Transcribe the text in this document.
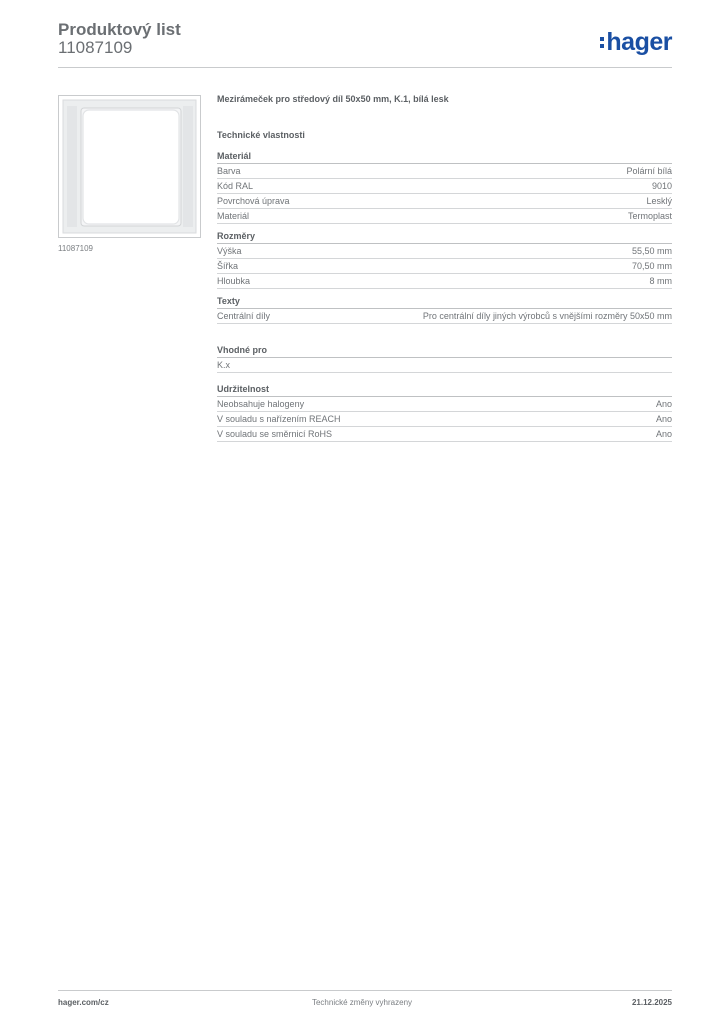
Produktový list
11087109	hager
11087109
Mezirámeček pro středový díl 50x50 mm, K.1, bílá lesk
Technické vlastnosti
Materiál
Barva	Polární bílá
Kód RAL	9010
Povrchová úprava	Lesklý
Materiál	Termoplast
Rozměry
Výška	55,50 mm
Šířka	70,50 mm
Hloubka	8 mm
Texty
Centrální díly	Pro centrální díly jiných výrobců s vnějšími rozměry 50x50 mm
Vhodné pro
K.x
Udržitelnost
Neobsahuje halogeny	Ano
V souladu s nařízením REACH	Ano
V souladu se směrnicí RoHS	Ano
hager.com/cz	Technické změny vyhrazeny	21.12.2025
